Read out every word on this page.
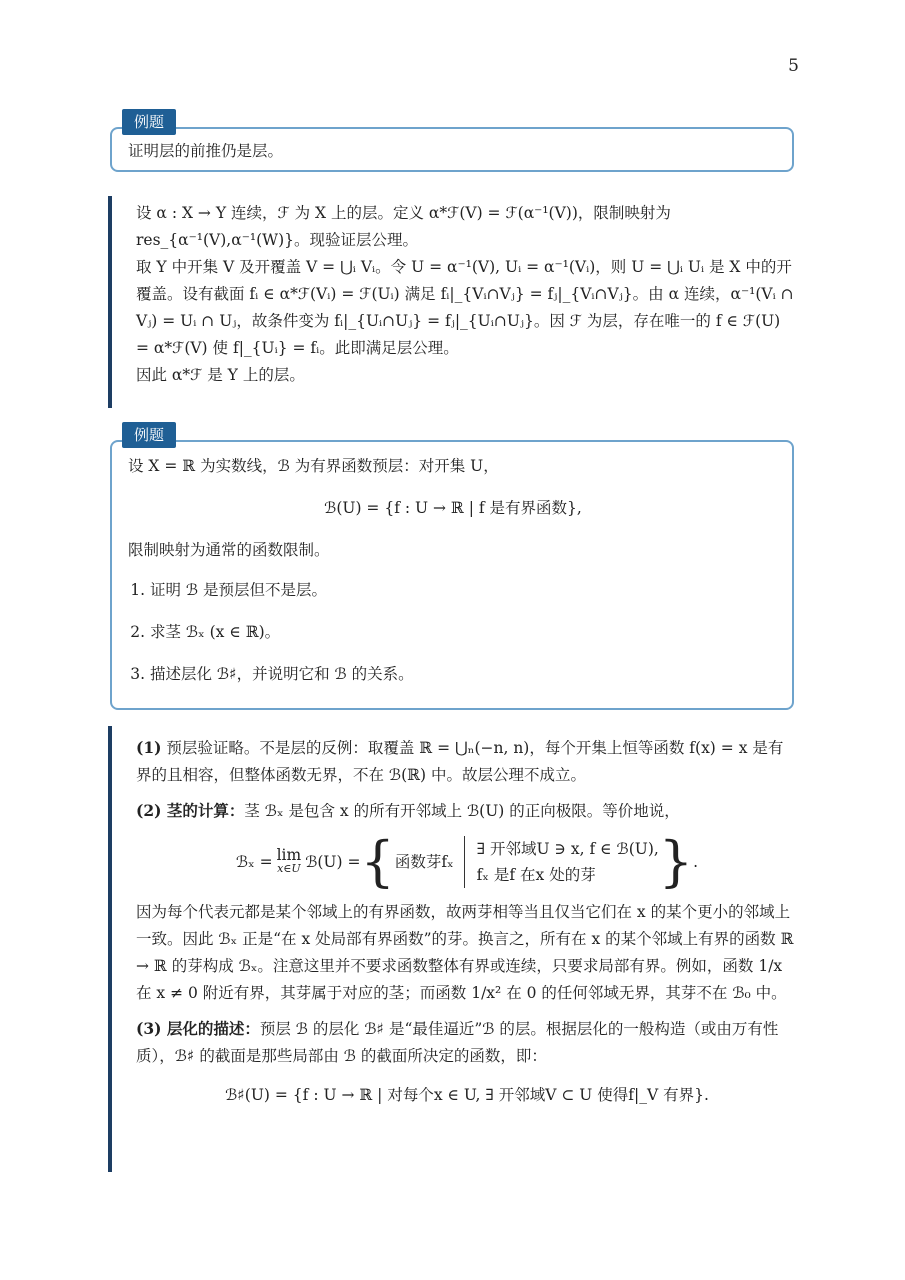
5
例题
证明层的前推仍是层。

设 α : X → Y 连续，ℱ 为 X 上的层。定义 α*ℱ(V) = ℱ(α⁻¹(V))，限制映射为 res_{α⁻¹(V),α⁻¹(W)}。现验证层公理。

取 Y 中开集 V 及开覆盖 V = ⋃ᵢ Vᵢ。令 U = α⁻¹(V), Uᵢ = α⁻¹(Vᵢ)，则 U = ⋃ᵢ Uᵢ 是 X 中的开覆盖。设有截面 fᵢ ∈ α*ℱ(Vᵢ) = ℱ(Uᵢ) 满足 fᵢ|_{Vᵢ∩Vⱼ} = fⱼ|_{Vᵢ∩Vⱼ}。由 α 连续，α⁻¹(Vᵢ ∩ Vⱼ) = Uᵢ ∩ Uⱼ，故条件变为 fᵢ|_{Uᵢ∩Uⱼ} = fⱼ|_{Uᵢ∩Uⱼ}。因 ℱ 为层，存在唯一的 f ∈ ℱ(U) = α*ℱ(V) 使 f|_{Uᵢ} = fᵢ。此即满足层公理。

因此 α*ℱ 是 Y 上的层。

例题
设 X = ℝ 为实数线，ℬ 为有界函数预层：对开集 U，
ℬ(U) = {f : U → ℝ | f 是有界函数},
限制映射为通常的函数限制。
1. 证明 ℬ 是预层但不是层。
2. 求茎 ℬₓ (x ∈ ℝ)。
3. 描述层化 ℬ♯，并说明它和 ℬ 的关系。

(1) 预层验证略。不是层的反例：取覆盖 ℝ = ⋃ₙ(−n, n)，每个开集上恒等函数 f(x) = x 是有界的且相容，但整体函数无界，不在 ℬ(ℝ) 中。故层公理不成立。

(2) 茎的计算：茎 ℬₓ 是包含 x 的所有开邻域上 ℬ(U) 的正向极限。等价地说，

ℬₓ = lim
x∈U ℬ(U) = { 函数芽fₓ
∃ 开邻域U ∋ x, f ∈ ℬ(U),
fₓ 是f 在x 处的芽	} .

因为每个代表元都是某个邻域上的有界函数，故两芽相等当且仅当它们在 x 的某个更小的邻域上一致。因此 ℬₓ 正是“在 x 处局部有界函数”的芽。换言之，所有在 x 的某个邻域上有界的函数 ℝ → ℝ 的芽构成 ℬₓ。注意这里并不要求函数整体有界或连续，只要求局部有界。例如，函数 1/x 在 x ≠ 0 附近有界，其芽属于对应的茎；而函数 1/x² 在 0 的任何邻域无界，其芽不在 ℬ₀ 中。

(3) 层化的描述：预层 ℬ 的层化 ℬ♯ 是“最佳逼近”ℬ 的层。根据层化的一般构造（或由万有性质），ℬ♯ 的截面是那些局部由 ℬ 的截面所决定的函数，即：

ℬ♯(U) = {f : U → ℝ | 对每个x ∈ U, ∃ 开邻域V ⊂ U 使得f|_V 有界}.
